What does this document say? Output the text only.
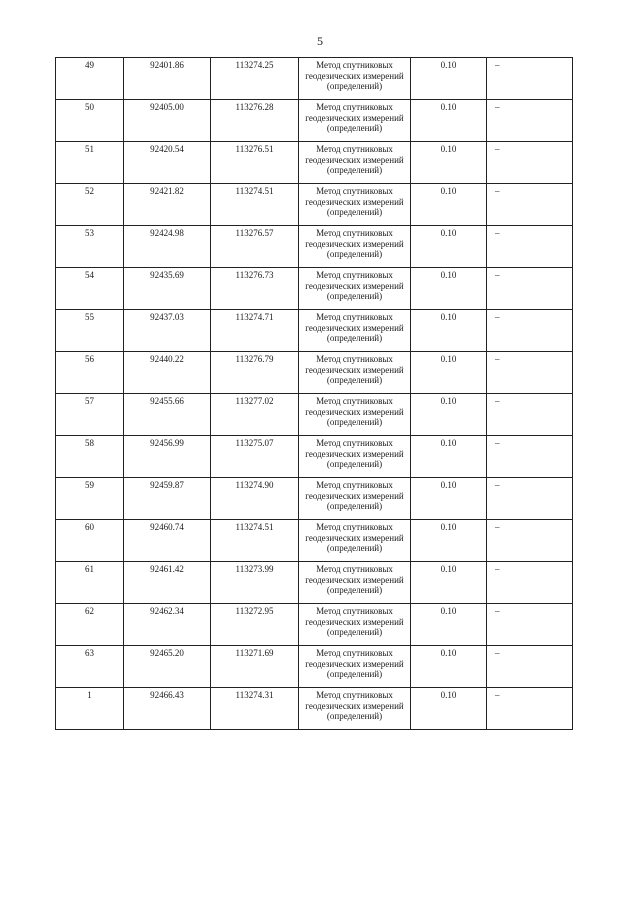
5
49	92401.86	113274.25	Метод спутниковых геодезических измерений (определений)	0.10	–
50	92405.00	113276.28	Метод спутниковых геодезических измерений (определений)	0.10	–
51	92420.54	113276.51	Метод спутниковых геодезических измерений (определений)	0.10	–
52	92421.82	113274.51	Метод спутниковых геодезических измерений (определений)	0.10	–
53	92424.98	113276.57	Метод спутниковых геодезических измерений (определений)	0.10	–
54	92435.69	113276.73	Метод спутниковых геодезических измерений (определений)	0.10	–
55	92437.03	113274.71	Метод спутниковых геодезических измерений (определений)	0.10	–
56	92440.22	113276.79	Метод спутниковых геодезических измерений (определений)	0.10	–
57	92455.66	113277.02	Метод спутниковых геодезических измерений (определений)	0.10	–
58	92456.99	113275.07	Метод спутниковых геодезических измерений (определений)	0.10	–
59	92459.87	113274.90	Метод спутниковых геодезических измерений (определений)	0.10	–
60	92460.74	113274.51	Метод спутниковых геодезических измерений (определений)	0.10	–
61	92461.42	113273.99	Метод спутниковых геодезических измерений (определений)	0.10	–
62	92462.34	113272.95	Метод спутниковых геодезических измерений (определений)	0.10	–
63	92465.20	113271.69	Метод спутниковых геодезических измерений (определений)	0.10	–
1	92466.43	113274.31	Метод спутниковых геодезических измерений (определений)	0.10	–
